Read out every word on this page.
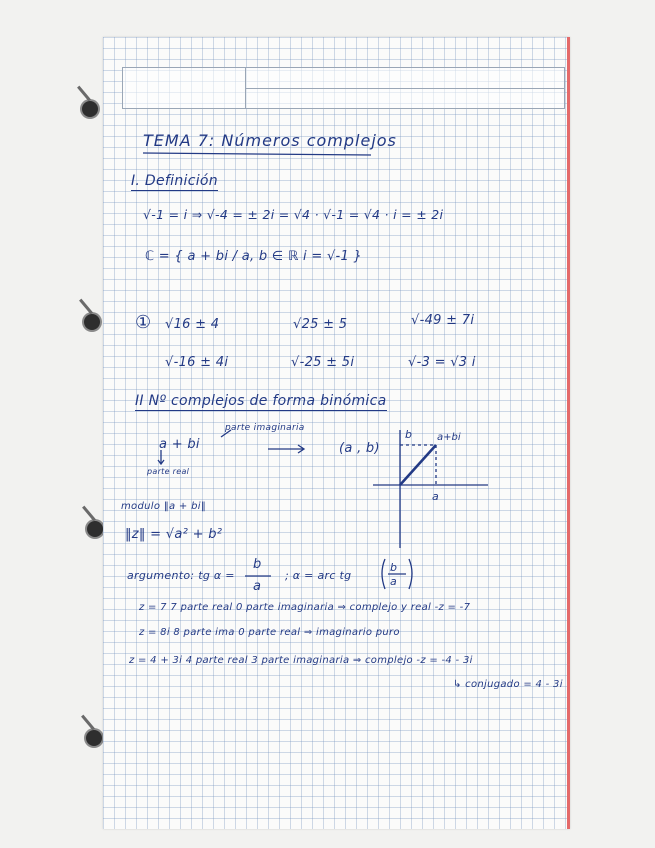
TEMA 7: Números complejos
I. Definición
√-1 = i ⇒ √-4 = ± 2i = √4 · √-1 = √4 · i = ± 2i
ℂ = { a + bi / a, b ∈ ℝ i = √-1 }
① √16 ± 4	√25 ± 5	√-49 ± 7i
√-16 ± 4i	√-25 ± 5i	√-3 = √3 i
II Nº complejos de forma binómica
parte imaginaria
a + bi
parte real
(a , b)
b	a+bi
a
modulo ‖a + bi‖
‖z‖ = √a² + b²
argumento: tg α =
b
a
; α = arc tg
b
a
z = 7 7 parte real 0 parte imaginaria ⇒ complejo y real -z = -7
z = 8i 8 parte ima 0 parte real ⇒ imaginario puro
z = 4 + 3i 4 parte real 3 parte imaginaria ⇒ complejo -z = -4 - 3i
↳ conjugado = 4 - 3i
